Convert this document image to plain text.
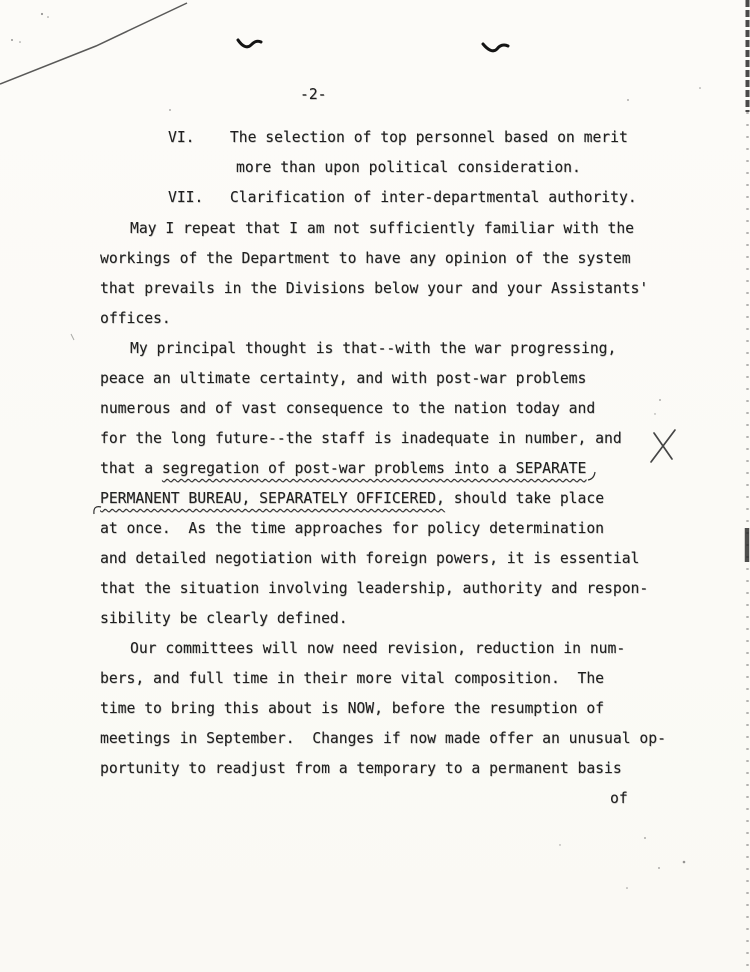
-2-
VI.    The selection of top personnel based on merit
more than upon political consideration.
VII.   Clarification of inter-departmental authority.
May I repeat that I am not sufficiently familiar with the
workings of the Department to have any opinion of the system
that prevails in the Divisions below your and your Assistants'
offices.
My principal thought is that--with the war progressing,
peace an ultimate certainty, and with post-war problems
numerous and of vast consequence to the nation today and
for the long future--the staff is inadequate in number, and
that a segregation of post-war problems into a SEPARATE
PERMANENT BUREAU, SEPARATELY OFFICERED, should take place
at once.  As the time approaches for policy determination
and detailed negotiation with foreign powers, it is essential
that the situation involving leadership, authority and respon-
sibility be clearly defined.
Our committees will now need revision, reduction in num-
bers, and full time in their more vital composition.  The
time to bring this about is NOW, before the resumption of
meetings in September.  Changes if now made offer an unusual op-
portunity to readjust from a temporary to a permanent basis
of
